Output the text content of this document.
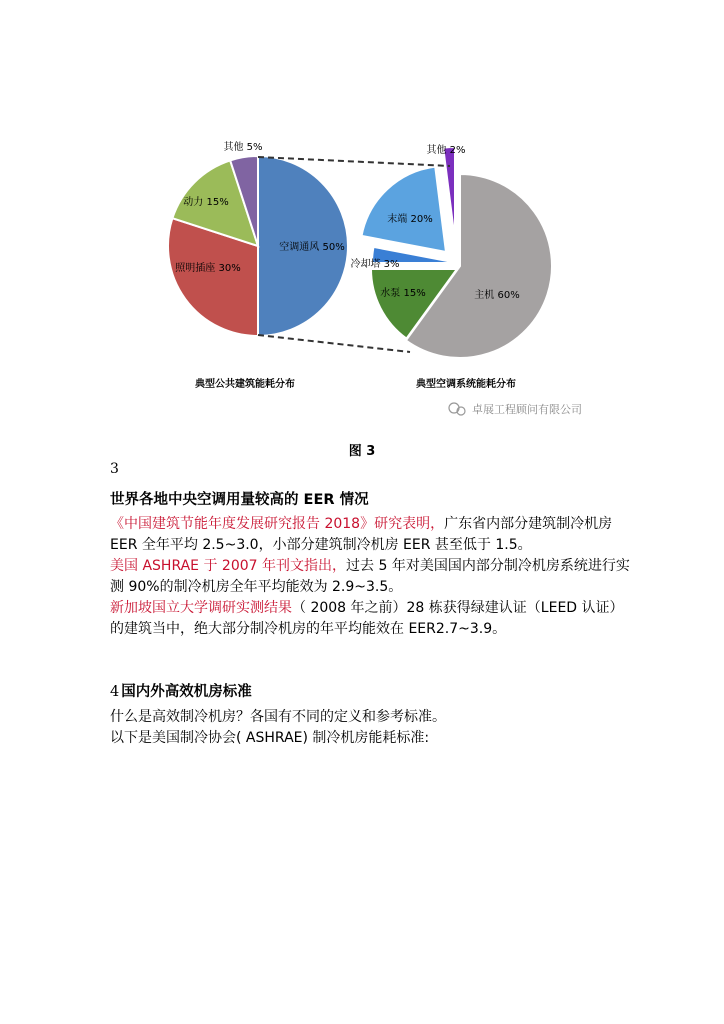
空调通风 50%
照明插座 30%
动力 15%
其他 5%
主机 60%
水泵 15%
冷却塔 3%
末端 20%
其他 2%
典型公共建筑能耗分布	典型空调系统能耗分布
卓展工程顾问有限公司
图 3
3
世界各地中央空调用量较高的 EER 情况
《中国建筑节能年度发展研究报告 2018》研究表明，广东省内部分建筑制冷机房 EER 全年平均 2.5~3.0，小部分建筑制冷机房 EER 甚至低于 1.5。
美国 ASHRAE 于 2007 年刊文指出，过去 5 年对美国国内部分制冷机房系统进行实测 90%的制冷机房全年平均能效为 2.9~3.5。
新加坡国立大学调研实测结果（ 2008 年之前）28 栋获得绿建认证（LEED 认证）的建筑当中，绝大部分制冷机房的年平均能效在 EER2.7~3.9。
4 国内外高效机房标准
什么是高效制冷机房？各国有不同的定义和参考标准。
以下是美国制冷协会( ASHRAE) 制冷机房能耗标准:
